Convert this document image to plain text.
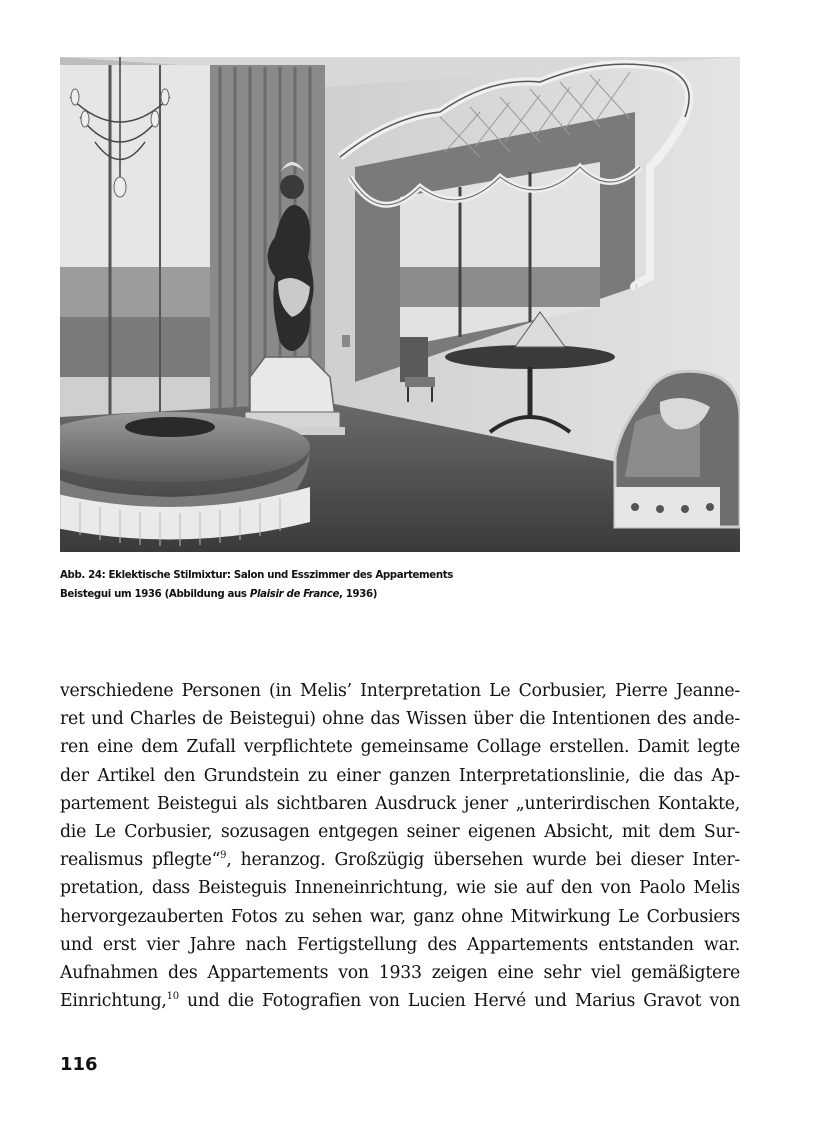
Abb. 24: Eklektische Stilmixtur: Salon und Esszimmer des Appartements
Beistegui um 1936 (Abbildung aus Plaisir de France, 1936)
verschiedene Personen (in Melis’ Interpretation Le Corbusier, Pierre Jeanne-
ret und Charles de Beistegui) ohne das Wissen über die Intentionen des ande-
ren eine dem Zufall verpflichtete gemeinsame Collage erstellen. Damit legte
der Artikel den Grundstein zu einer ganzen Interpretationslinie, die das Ap-
partement Beistegui als sichtbaren Ausdruck jener „unterirdischen Kontakte,
die Le Corbusier, sozusagen entgegen seiner eigenen Absicht, mit dem Sur-
realismus pflegte“$^9$, heranzog. Großzügig übersehen wurde bei dieser Inter-
pretation, dass Beisteguis Inneneinrichtung, wie sie auf den von Paolo Melis
hervorgezauberten Fotos zu sehen war, ganz ohne Mitwirkung Le Corbusiers
und erst vier Jahre nach Fertigstellung des Appartements entstanden war.
Aufnahmen des Appartements von 1933 zeigen eine sehr viel gemäßigtere
Einrichtung,$^{10}$ und die Fotografien von Lucien Hervé und Marius Gravot von
116
